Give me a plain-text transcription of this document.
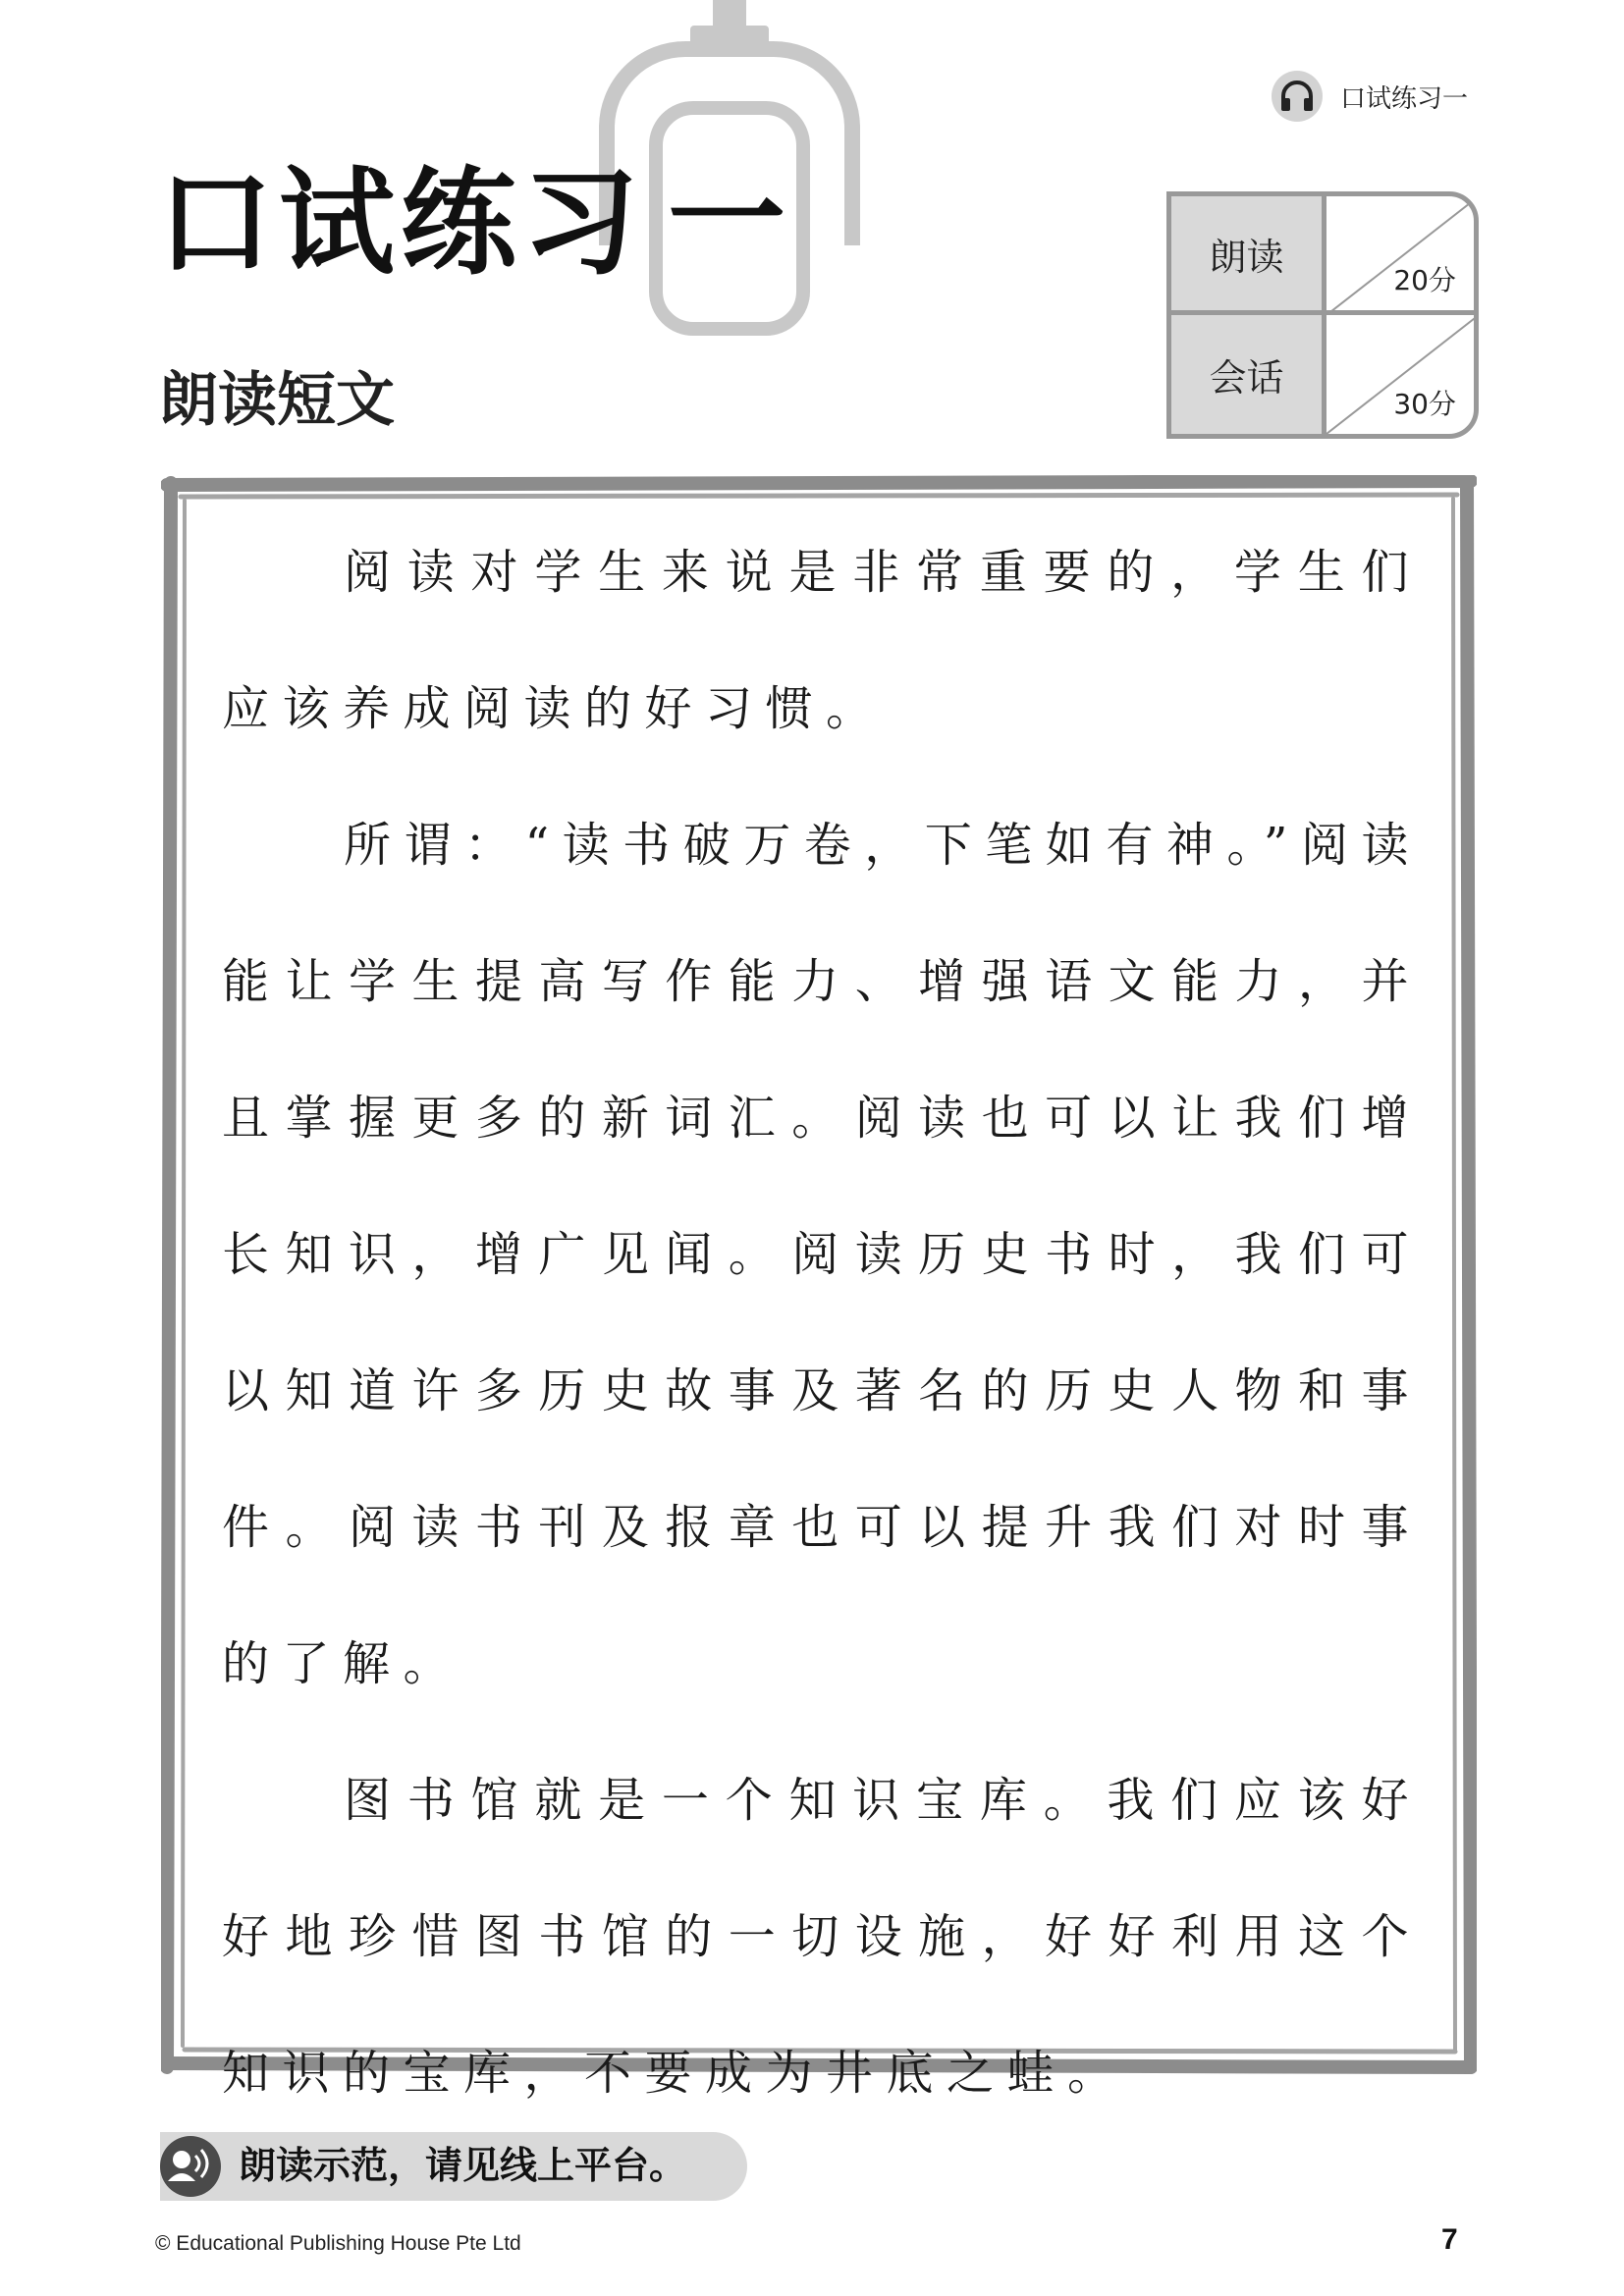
口试练习一
口试练习 一
朗读短文
朗读
20分
会话
30分

阅读对学生来说是非常重要的，学生们应该养成阅读的好习惯。

所谓：“读书破万卷，下笔如有神。”阅读能让学生提高写作能力、增强语文能力，并且掌握更多的新词汇。阅读也可以让我们增长知识，增广见闻。阅读历史书时，我们可以知道许多历史故事及著名的历史人物和事件。阅读书刊及报章也可以提升我们对时事的了解。

图书馆就是一个知识宝库。我们应该好好地珍惜图书馆的一切设施，好好利用这个知识的宝库，不要成为井底之蛙。

朗读示范，请见线上平台。
© Educational Publishing House Pte Ltd	7
